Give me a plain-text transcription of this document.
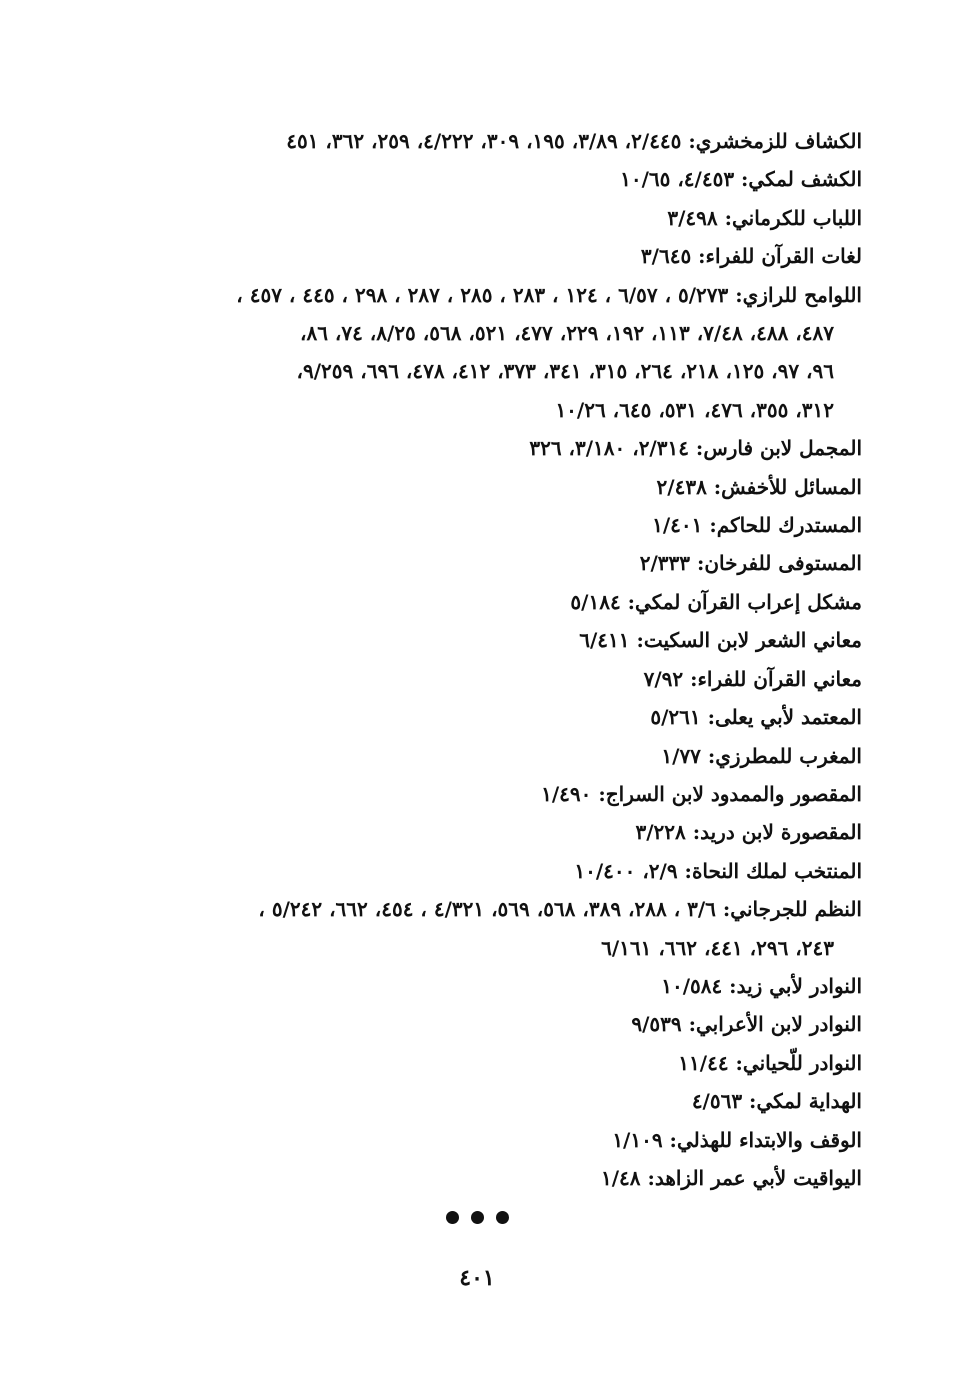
الكشاف للزمخشري: ٢/٤٤٥، ٣/٨٩، ١٩٥، ٣٠٩، ٤/٢٢٢، ٢٥٩، ٣٦٢، ٤٥١
الكشف لمكي: ٤/٤٥٣، ١٠/٦٥
اللباب للكرماني: ٣/٤٩٨
لغات القرآن للفراء: ٣/٦٤٥
اللوامح للرازي: ٥/٢٧٣ ، ٦/٥٧ ، ١٢٤ ، ٢٨٣ ، ٢٨٥ ، ٢٨٧ ، ٢٩٨ ، ٤٤٥ ، ٤٥٧ ،
٤٨٧، ٤٨٨، ٧/٤٨، ١١٣، ١٩٢، ٢٢٩، ٤٧٧، ٥٢١، ٥٦٨، ٨/٢٥، ٧٤، ٨٦،
٩٦، ٩٧، ١٢٥، ٢١٨، ٢٦٤، ٣١٥، ٣٤١، ٣٧٣، ٤١٢، ٤٧٨، ٦٩٦، ٩/٢٥٩،
٣١٢، ٣٥٥، ٤٧٦، ٥٣١، ٦٤٥، ١٠/٢٦
المجمل لابن فارس: ٢/٣١٤، ٣/١٨٠، ٣٢٦
المسائل للأخفش: ٢/٤٣٨
المستدرك للحاكم: ١/٤٠١
المستوفى للفرخان: ٢/٣٣٣
مشكل إعراب القرآن لمكي: ٥/١٨٤
معاني الشعر لابن السكيت: ٦/٤١١
معاني القرآن للفراء: ٧/٩٢
المعتمد لأبي يعلى: ٥/٢٦١
المغرب للمطرزي: ١/٧٧
المقصور والممدود لابن السراج: ١/٤٩٠
المقصورة لابن دريد: ٣/٢٢٨
المنتخب لملك النحاة: ٢/٩، ١٠/٤٠٠
النظم للجرجاني: ٣/٦ ، ٢٨٨، ٣٨٩، ٥٦٨، ٥٦٩، ٤/٣٢١ ، ٤٥٤، ٦٦٢، ٥/٢٤٢ ،
٢٤٣، ٢٩٦، ٤٤١، ٦٦٢، ٦/١٦١
النوادر لأبي زيد: ١٠/٥٨٤
النوادر لابن الأعرابي: ٩/٥٣٩
النوادر للّحياني: ١١/٤٤
الهداية لمكي: ٤/٥٦٣
الوقف والابتداء للهذلي: ١/١٠٩
اليواقيت لأبي عمر الزاهد: ١/٤٨
٤٠١
